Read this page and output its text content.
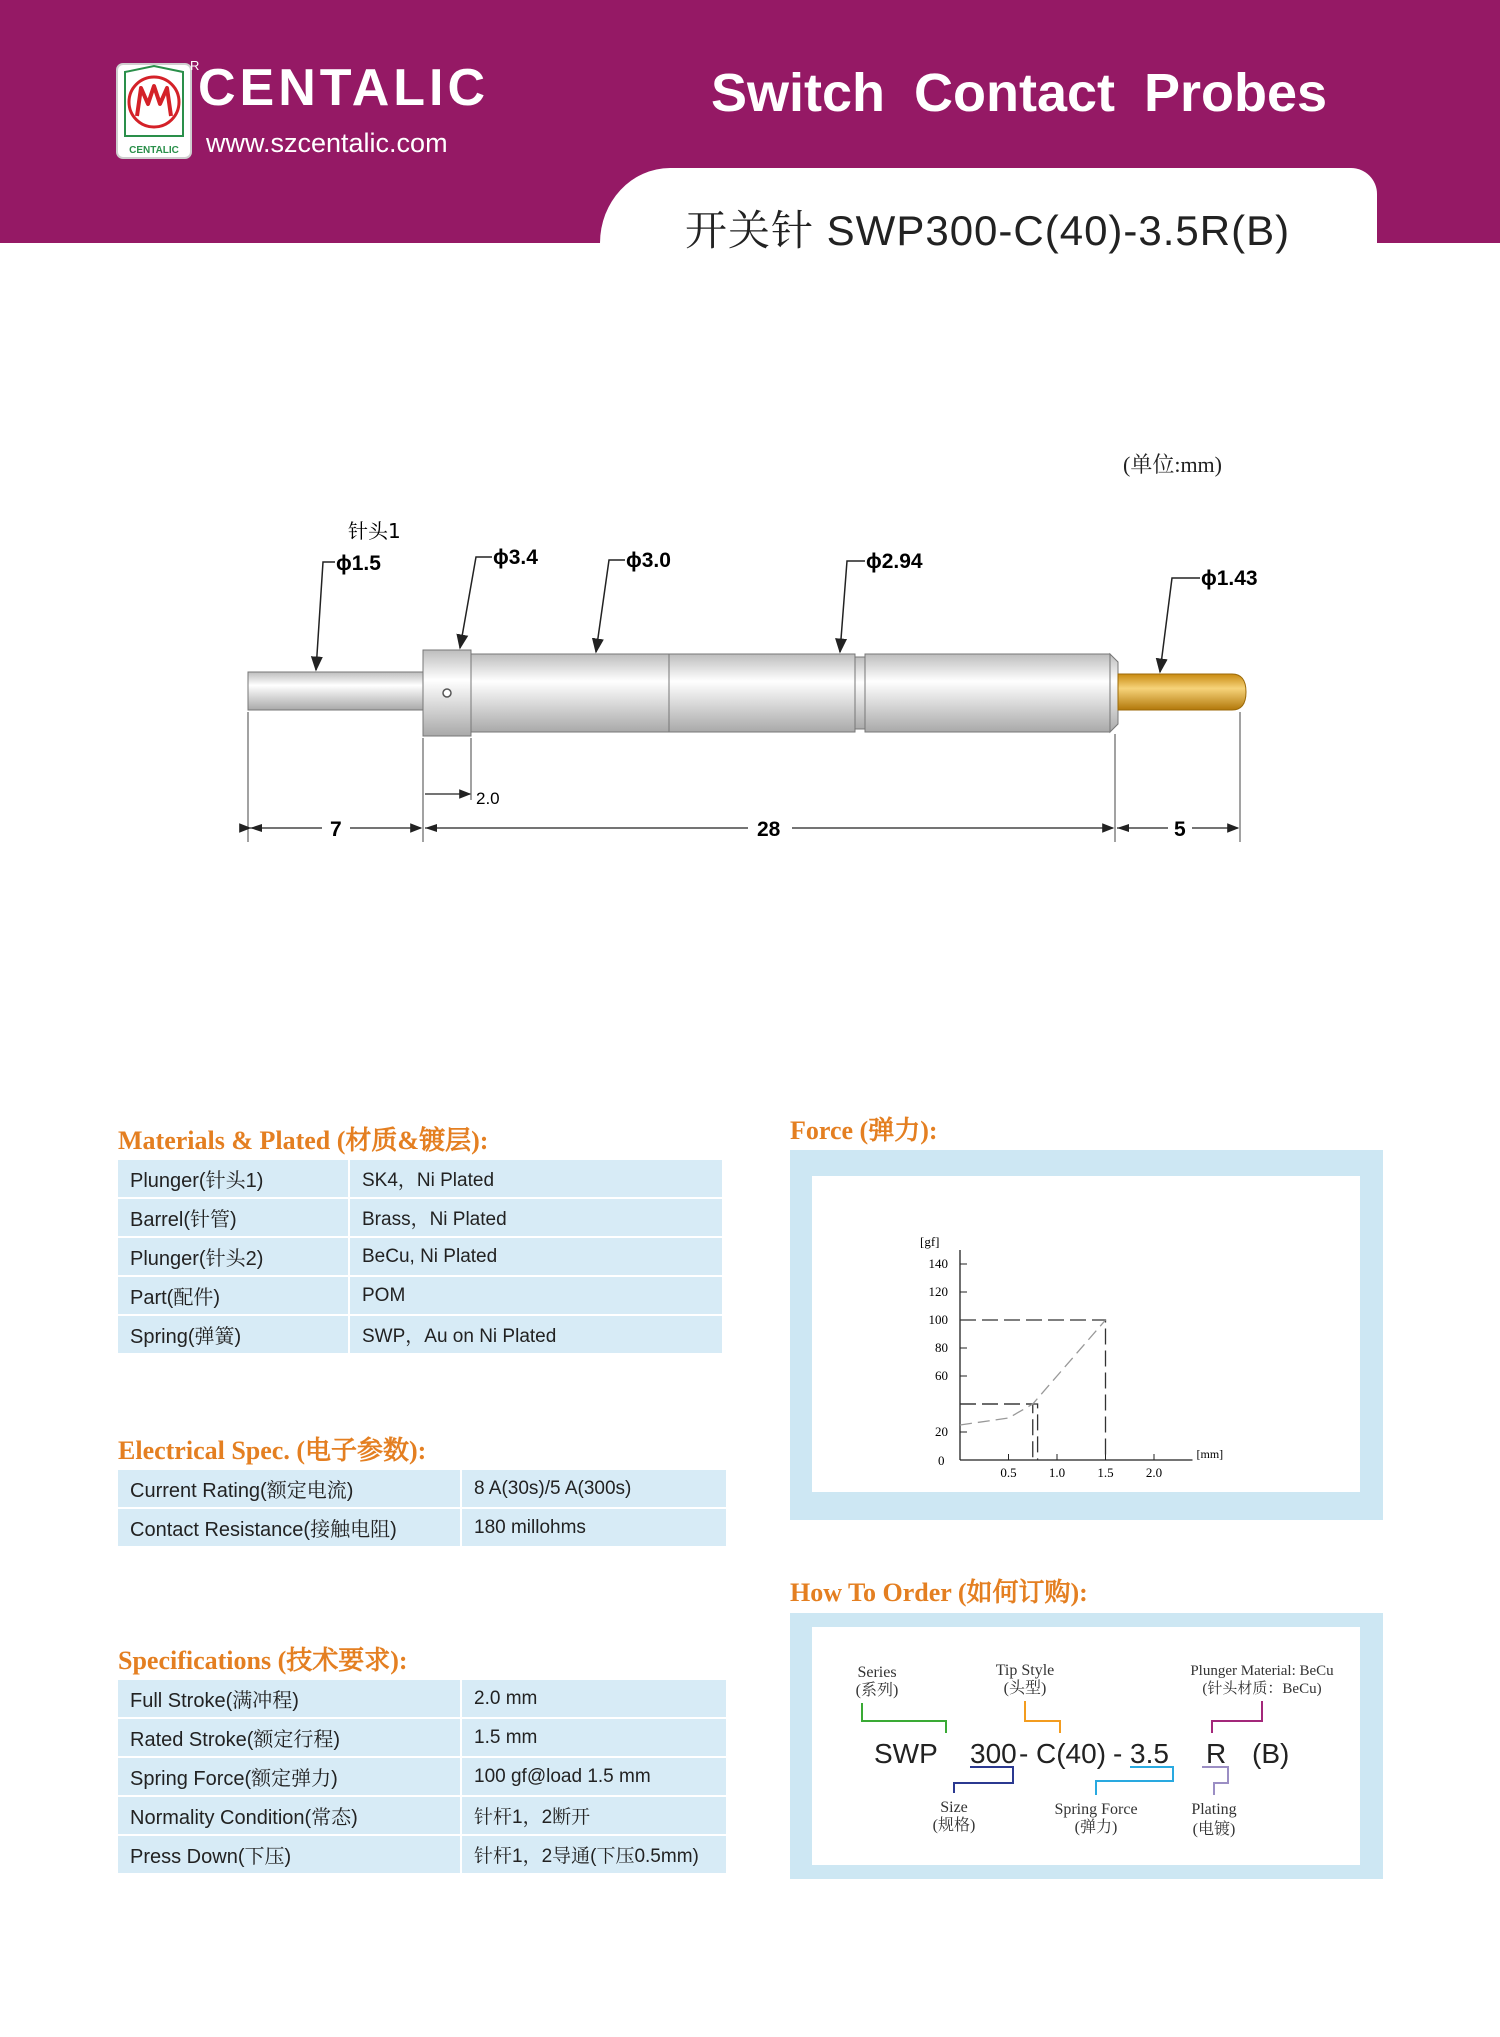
CENTALIC
R
CENTALIC
www.szcentalic.com
Switch Contact Probes
开关针 SWP300-C(40)-3.5R(B)
(单位:mm)
针头1
ϕ1.5	ϕ3.4	ϕ3.0	ϕ2.94
ϕ1.43
2.0
7	28	5
Materials & Plated (材质&镀层):
Plunger(针头1)	SK4，Ni Plated
Barrel(针管)	Brass，Ni Plated
Plunger(针头2)	BeCu, Ni Plated
Part(配件)	POM
Spring(弹簧)	SWP，Au on Ni Plated
Electrical Spec. (电子参数):
Current Rating(额定电流)	8 A(30s)/5 A(300s)
Contact Resistance(接触电阻)	180 millohms
Specifications (技术要求):
Full Stroke(满冲程)	2.0 mm
Rated Stroke(额定行程)	1.5 mm
Spring Force(额定弹力)	100 gf@load 1.5 mm
Normality Condition(常态)	针杆1，2断开
Press Down(下压)	针杆1，2导通(下压0.5mm)
Force (弹力):
[gf]
[mm]
0
140
120
100
80
60
20
0.5 1.0 1.5 2.0
How To Order (如何订购):
Series
(系列)
Tip Style
(头型)
Plunger Material: BeCu
(针头材质：BeCu)
Size
(规格)
Spring Force
(弹力)
Plating
(电镀)
SWP 300 - C(40) - 3.5 R (B)
